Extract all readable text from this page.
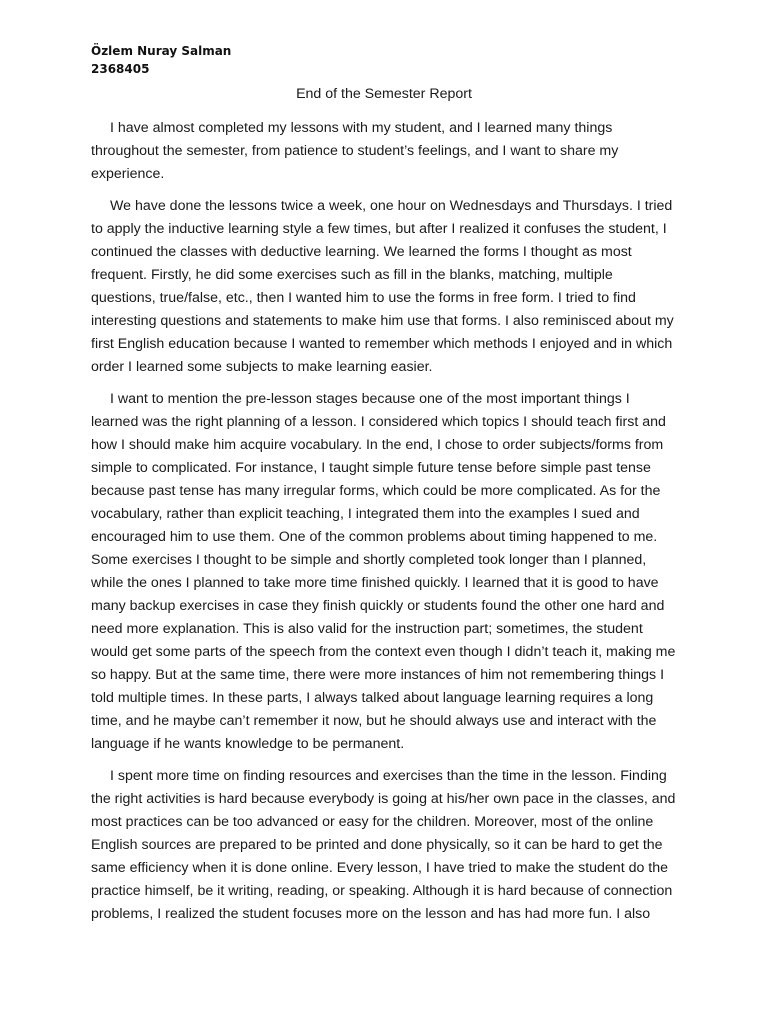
Özlem Nuray Salman
2368405
End of the Semester Report
I have almost completed my lessons with my student, and I learned many things
throughout the semester, from patience to student’s feelings, and I want to share my
experience.
We have done the lessons twice a week, one hour on Wednesdays and Thursdays. I tried
to apply the inductive learning style a few times, but after I realized it confuses the student, I
continued the classes with deductive learning. We learned the forms I thought as most
frequent. Firstly, he did some exercises such as fill in the blanks, matching, multiple
questions, true/false, etc., then I wanted him to use the forms in free form. I tried to find
interesting questions and statements to make him use that forms. I also reminisced about my
first English education because I wanted to remember which methods I enjoyed and in which
order I learned some subjects to make learning easier.
I want to mention the pre-lesson stages because one of the most important things I
learned was the right planning of a lesson. I considered which topics I should teach first and
how I should make him acquire vocabulary. In the end, I chose to order subjects/forms from
simple to complicated. For instance, I taught simple future tense before simple past tense
because past tense has many irregular forms, which could be more complicated. As for the
vocabulary, rather than explicit teaching, I integrated them into the examples I sued and
encouraged him to use them. One of the common problems about timing happened to me.
Some exercises I thought to be simple and shortly completed took longer than I planned,
while the ones I planned to take more time finished quickly. I learned that it is good to have
many backup exercises in case they finish quickly or students found the other one hard and
need more explanation. This is also valid for the instruction part; sometimes, the student
would get some parts of the speech from the context even though I didn’t teach it, making me
so happy. But at the same time, there were more instances of him not remembering things I
told multiple times. In these parts, I always talked about language learning requires a long
time, and he maybe can’t remember it now, but he should always use and interact with the
language if he wants knowledge to be permanent.
I spent more time on finding resources and exercises than the time in the lesson. Finding
the right activities is hard because everybody is going at his/her own pace in the classes, and
most practices can be too advanced or easy for the children. Moreover, most of the online
English sources are prepared to be printed and done physically, so it can be hard to get the
same efficiency when it is done online. Every lesson, I have tried to make the student do the
practice himself, be it writing, reading, or speaking. Although it is hard because of connection
problems, I realized the student focuses more on the lesson and has had more fun. I also
